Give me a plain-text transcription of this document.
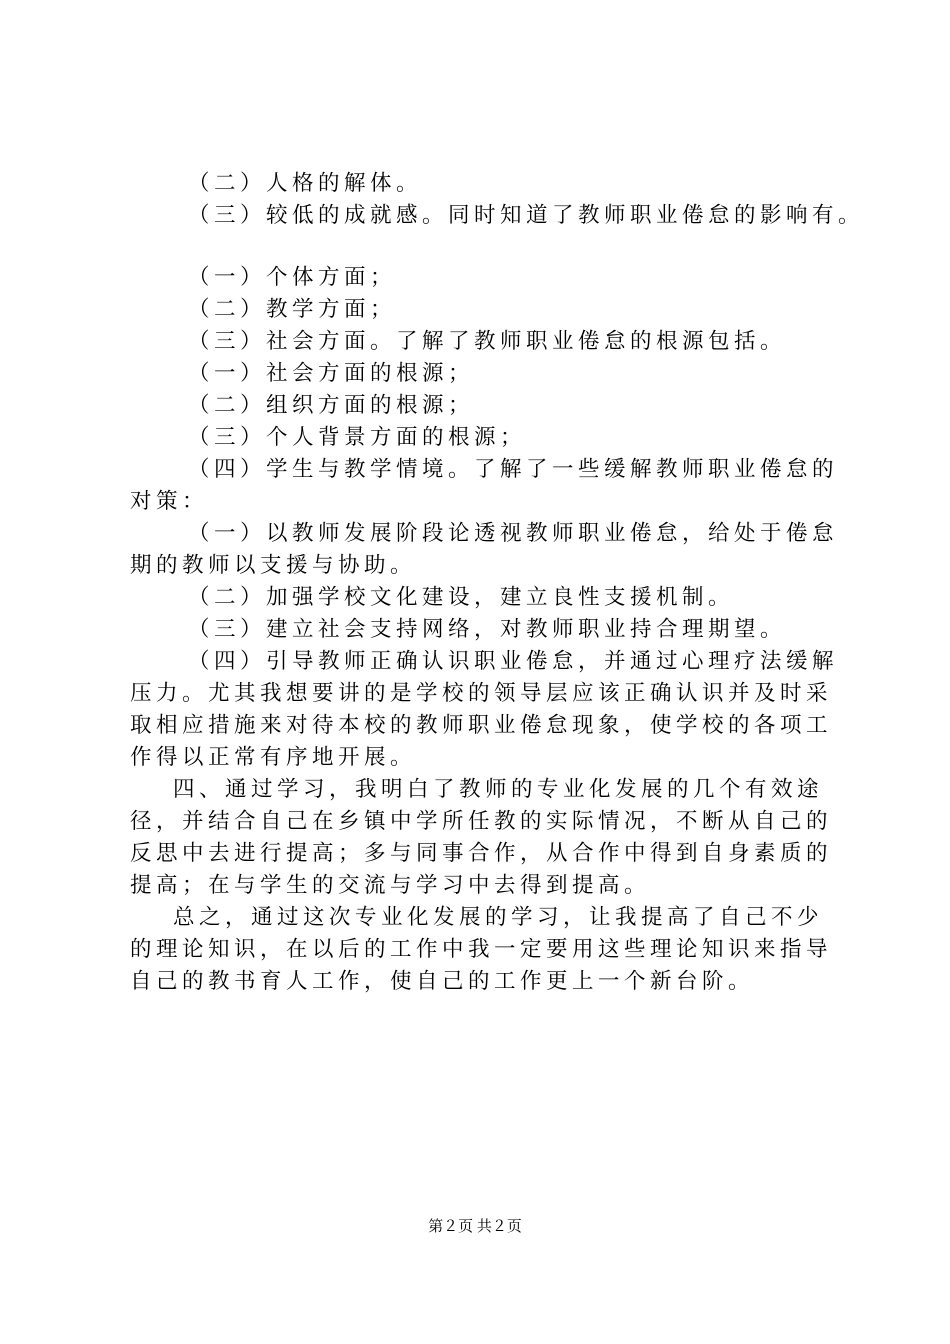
（二）人格的解体。
（三）较低的成就感。同时知道了教师职业倦怠的影响有。
（一）个体方面；
（二）教学方面；
（三）社会方面。了解了教师职业倦怠的根源包括。
（一）社会方面的根源；
（二）组织方面的根源；
（三）个人背景方面的根源；
（四）学生与教学情境。了解了一些缓解教师职业倦怠的
对策：
（一）以教师发展阶段论透视教师职业倦怠，给处于倦怠
期的教师以支援与协助。
（二）加强学校文化建设，建立良性支援机制。
（三）建立社会支持网络，对教师职业持合理期望。
（四）引导教师正确认识职业倦怠，并通过心理疗法缓解
压力。尤其我想要讲的是学校的领导层应该正确认识并及时采
取相应措施来对待本校的教师职业倦怠现象，使学校的各项工
作得以正常有序地开展。
四、通过学习，我明白了教师的专业化发展的几个有效途
径，并结合自己在乡镇中学所任教的实际情况，不断从自己的
反思中去进行提高；多与同事合作，从合作中得到自身素质的
提高；在与学生的交流与学习中去得到提高。
总之，通过这次专业化发展的学习，让我提高了自己不少
的理论知识，在以后的工作中我一定要用这些理论知识来指导
自己的教书育人工作，使自己的工作更上一个新台阶。
第２页 共２页
